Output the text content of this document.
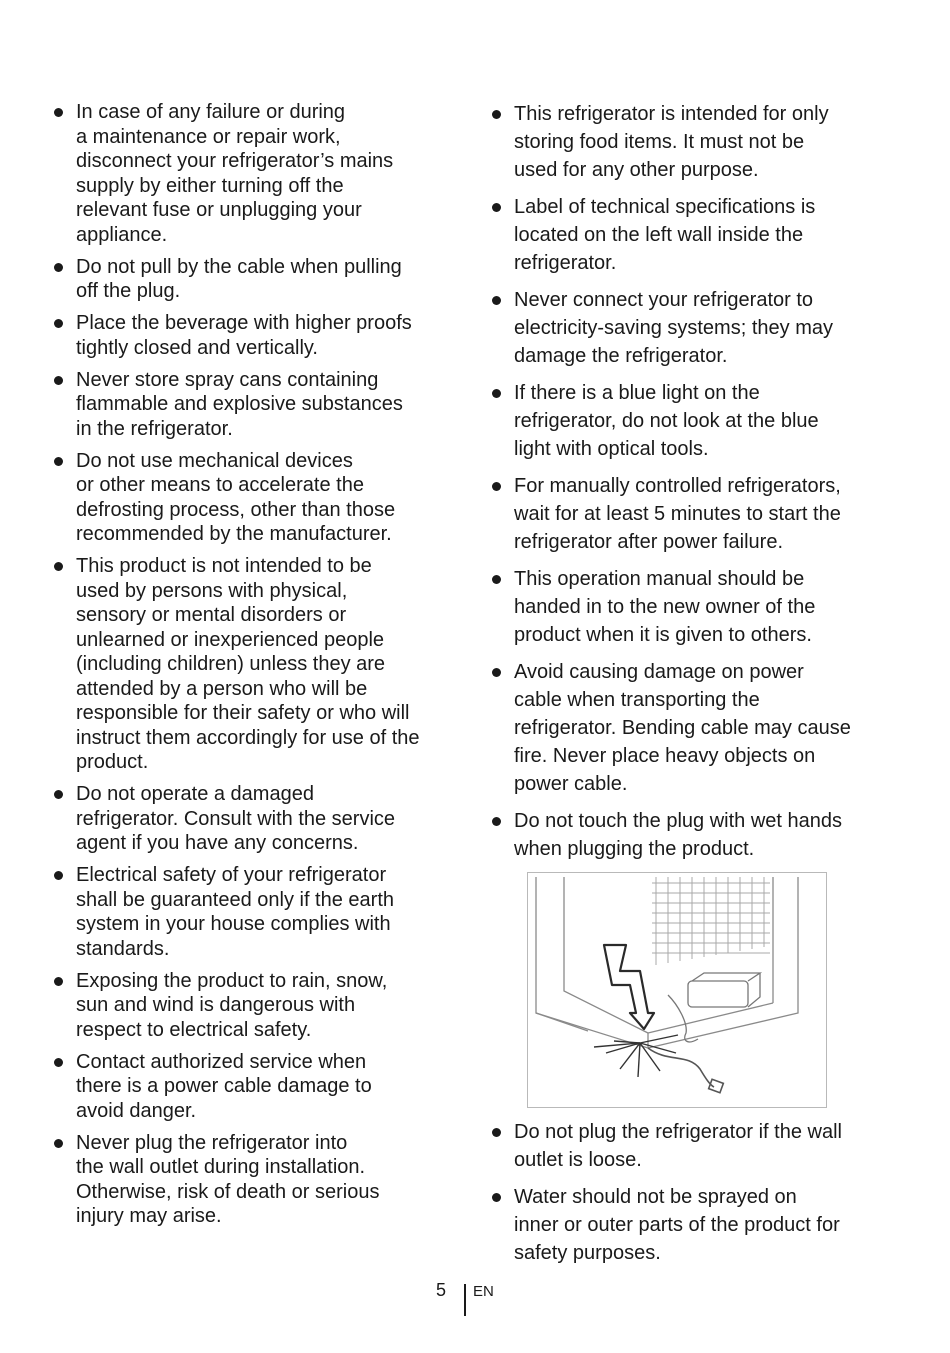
In case of any failure or during
a maintenance or repair work,
disconnect your refrigerator’s mains
supply by either turning off the
relevant fuse or unplugging your
appliance.
Do not pull by the cable when pulling
off the plug.
Place the beverage with higher proofs
tightly closed and vertically.
Never store spray cans containing
flammable and explosive substances
in the refrigerator.
Do not use mechanical devices
or other means to accelerate the
defrosting process, other than those
recommended by the manufacturer.
This product is not intended to be
used by persons with physical,
sensory or mental disorders or
unlearned or inexperienced people
(including children) unless they are
attended by a person who will be
responsible for their safety or who will
instruct them accordingly for use of the
product.
Do not operate a damaged
refrigerator. Consult with the service
agent if you have any concerns.
Electrical safety of your refrigerator
shall be guaranteed only if the earth
system in your house complies with
standards.
Exposing the product to rain, snow,
sun and wind is dangerous with
respect to electrical safety.
Contact authorized service when
there is a power cable damage to
avoid danger.
Never plug the refrigerator into
the wall outlet during installation.
Otherwise, risk of death or serious
injury may arise.
This refrigerator is intended for only
storing food items. It must not be
used for any other purpose.
Label of technical specifications is
located on the left wall inside the
refrigerator.
Never connect your refrigerator to
electricity-saving systems; they may
damage the refrigerator.
If there is a blue light on the
refrigerator, do not look at the blue
light with optical tools.
For manually controlled refrigerators,
wait for at least 5 minutes to start the
refrigerator after power failure.
This operation manual should be
handed in to the new owner of the
product when it is given to others.
Avoid causing damage on power
cable when transporting the
refrigerator. Bending cable may cause
fire. Never place heavy objects on
power cable.
Do not touch the plug with wet hands
when plugging the product.
Do not plug the refrigerator if the wall
outlet is loose.
Water should not be sprayed on
inner or outer parts of the product for
safety purposes.
5 EN
